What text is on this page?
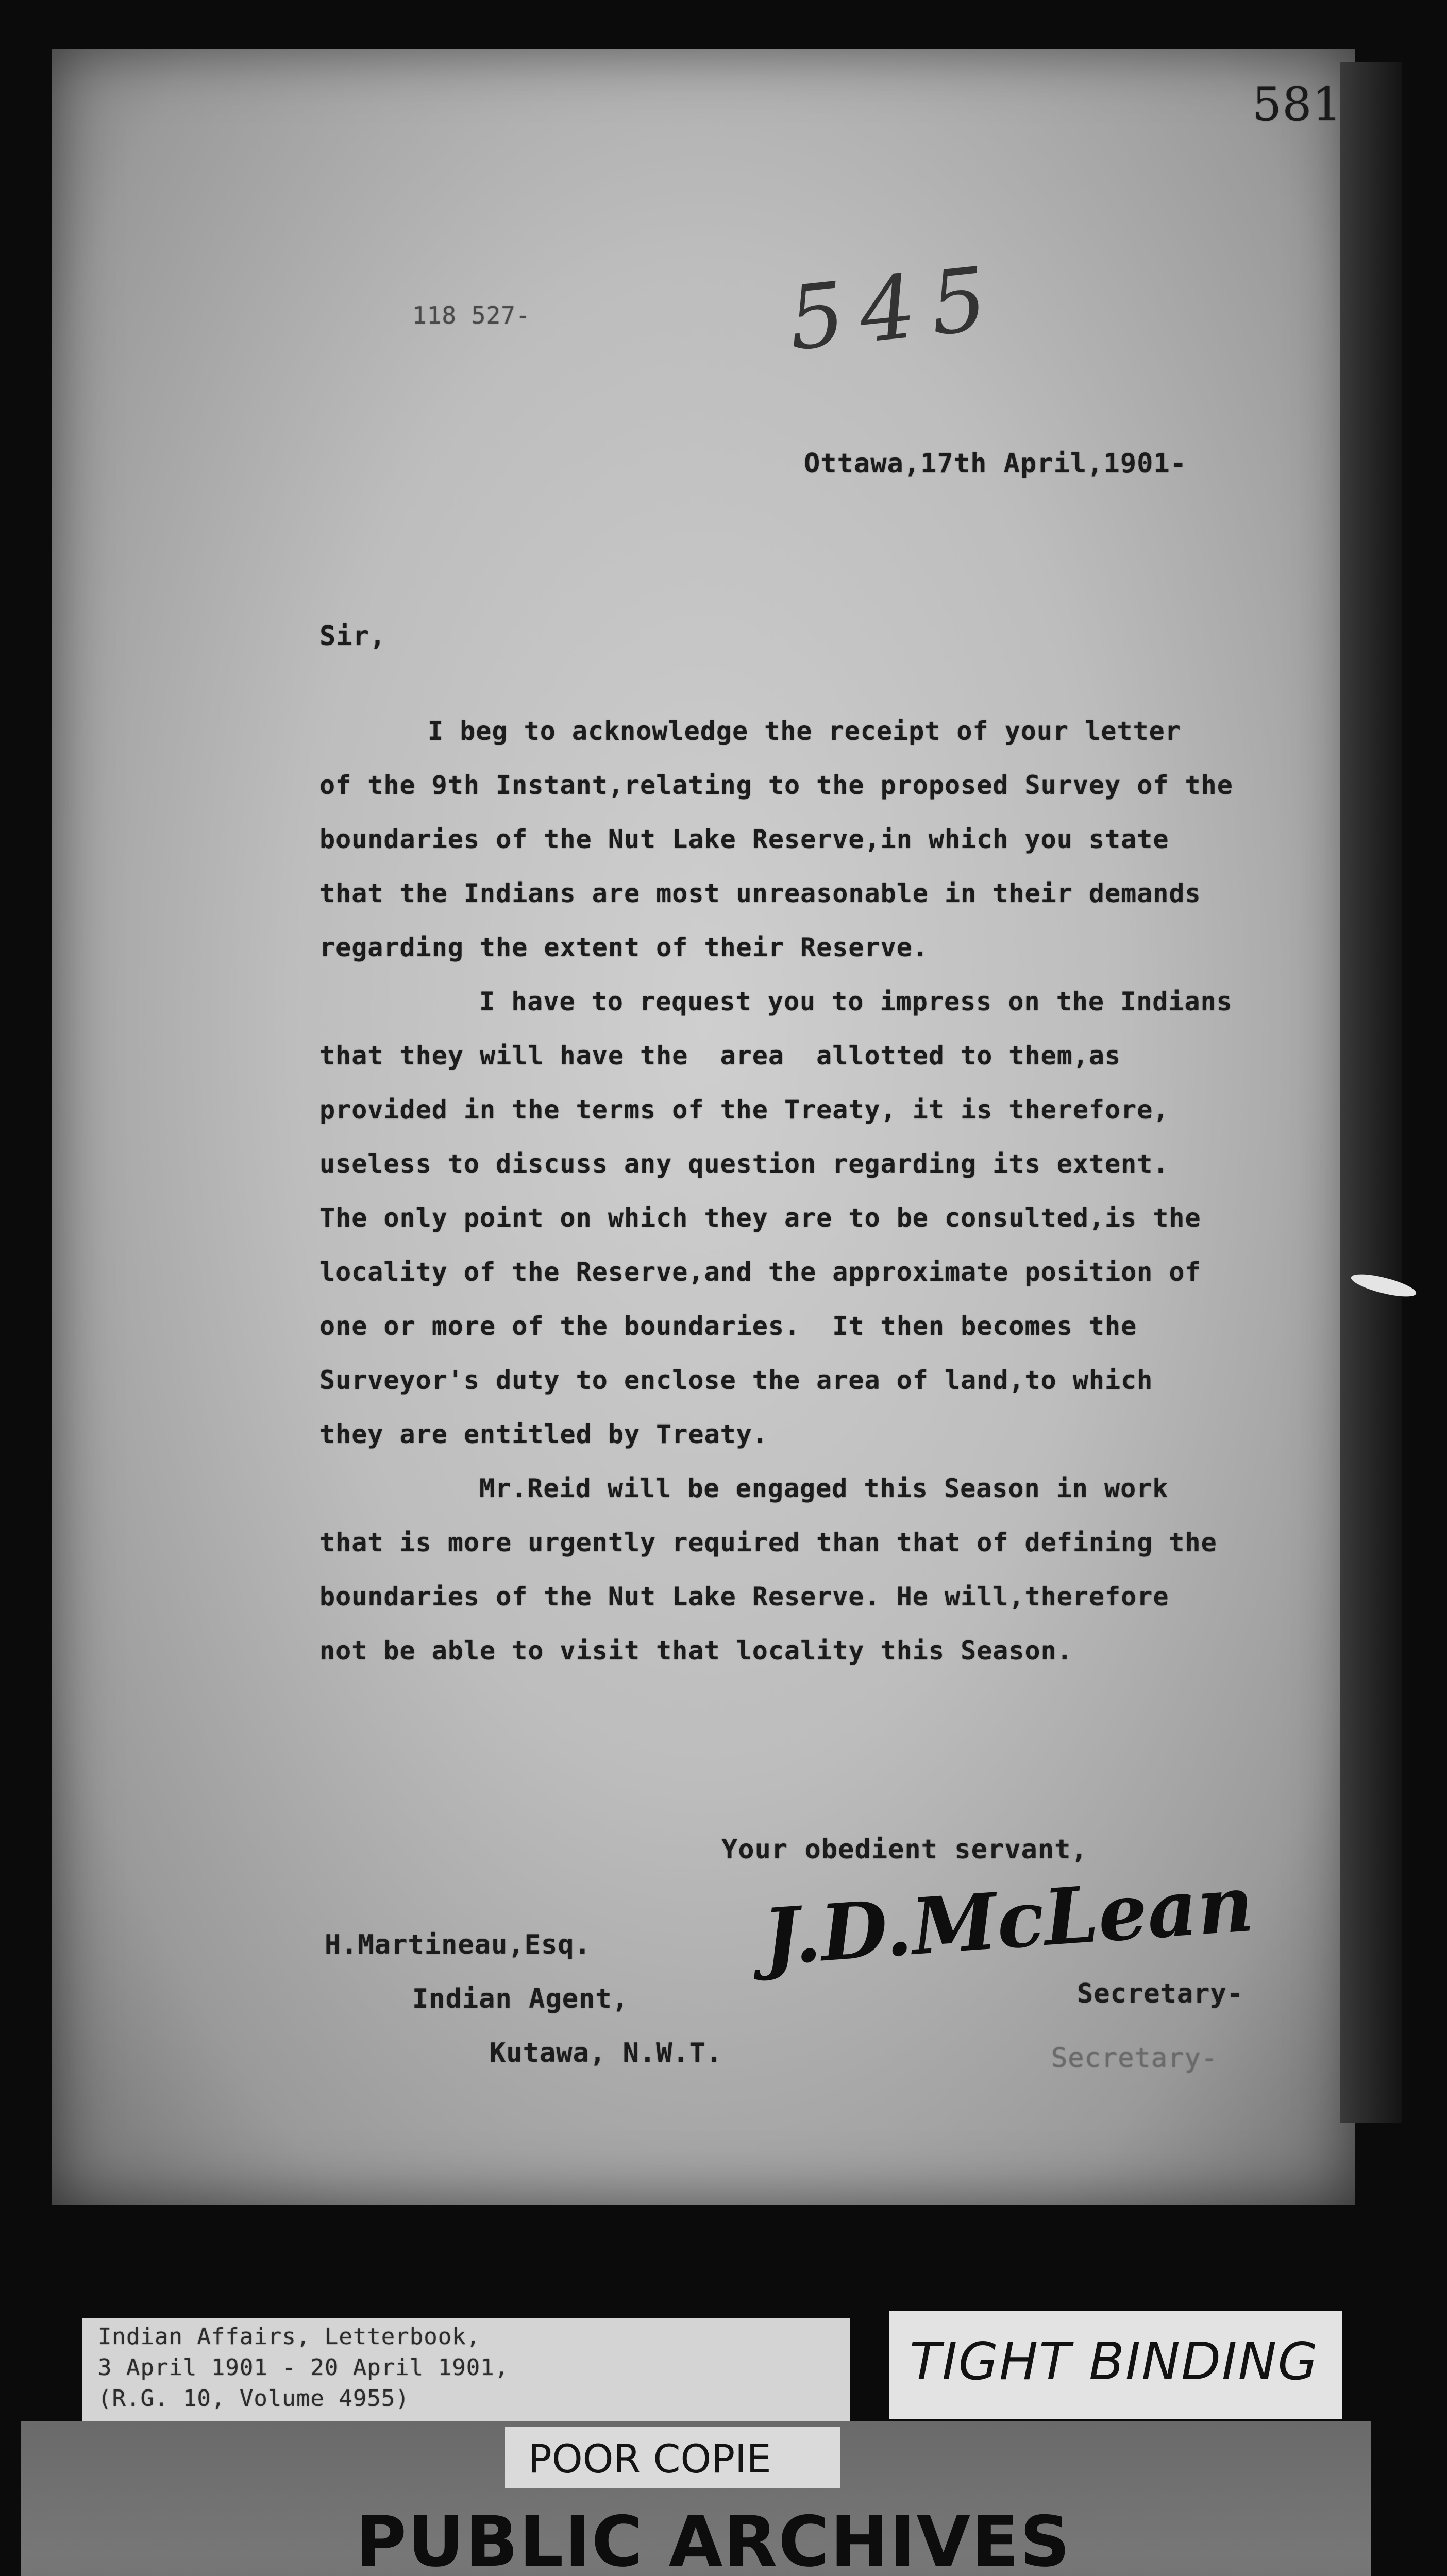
581
545
118 527-
Ottawa,17th April,1901-
Sir,
I beg to acknowledge the receipt of your letter
of the 9th Instant,relating to the proposed Survey of the
boundaries of the Nut Lake Reserve,in which you state
that the Indians are most unreasonable in their demands
regarding the extent of their Reserve.
I have to request you to impress on the Indians
that they will have the  area  allotted to them,as
provided in the terms of the Treaty, it is therefore,
useless to discuss any question regarding its extent.
The only point on which they are to be consulted,is the
locality of the Reserve,and the approximate position of
one or more of the boundaries.  It then becomes the
Surveyor's duty to enclose the area of land,to which
they are entitled by Treaty.
Mr.Reid will be engaged this Season in work
that is more urgently required than that of defining the
boundaries of the Nut Lake Reserve. He will,therefore
not be able to visit that locality this Season.
Your obedient servant,
J.D.McLean
H.Martineau,Esq.
Indian Agent,
Kutawa, N.W.T.
Secretary-
Secretary-
Indian Affairs, Letterbook,
3 April 1901 - 20 April 1901,
(R.G. 10, Volume 4955)
TIGHT BINDING
POOR COPIE
PUBLIC ARCHIVES
